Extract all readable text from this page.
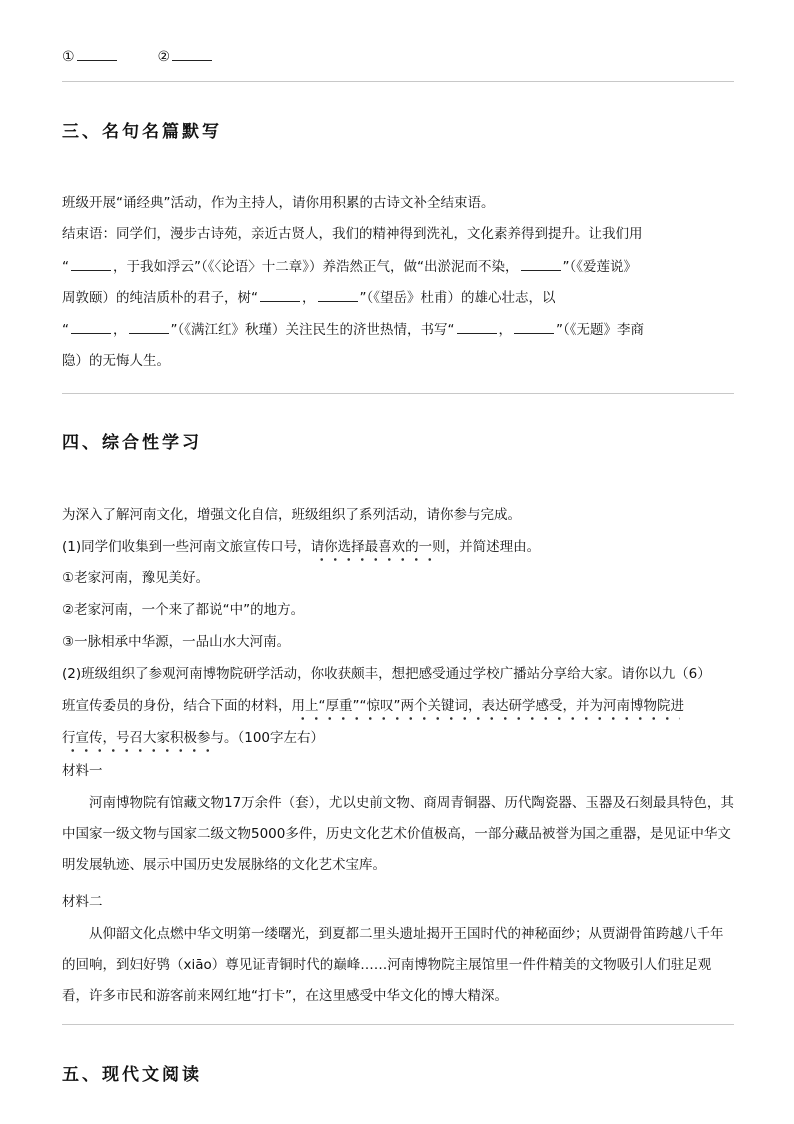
①	②
三、名句名篇默写
班级开展“诵经典”活动，作为主持人，请你用积累的古诗文补全结束语。
结束语：同学们，漫步古诗苑，亲近古贤人，我们的精神得到洗礼，文化素养得到提升。让我们用
“	，于我如浮云”（《〈论语〉十二章》）养浩然正气，做“出淤泥而不染，	”（《爱莲说》
周敦颐）的纯洁质朴的君子，树“	，	”（《望岳》杜甫）的雄心壮志，以
“	，	”（《满江红》秋瑾）关注民生的济世热情，书写“	，	”（《无题》李商
隐）的无悔人生。
四、综合性学习
为深入了解河南文化，增强文化自信，班级组织了系列活动，请你参与完成。
(1)同学们收集到一些河南文旅宣传口号，请你选择最喜欢的一则，并简述理由。
①老家河南，豫见美好。
②老家河南，一个来了都说“中”的地方。
③一脉相承中华源，一品山水大河南。
(2)班级组织了参观河南博物院研学活动，你收获颇丰，想把感受通过学校广播站分享给大家。请你以九（6）
班宣传委员的身份，结合下面的材料，用上“厚重”“惊叹”两个关键词，表达研学感受，并为河南博物院进
行宣传，号召大家积极参与。（100字左右）
材料一
河南博物院有馆藏文物17万余件（套），尤以史前文物、商周青铜器、历代陶瓷器、玉器及石刻最具特色，其中国家一级文物与国家二级文物5000多件，历史文化艺术价值极高，一部分藏品被誉为国之重器，是见证中华文明发展轨迹、展示中国历史发展脉络的文化艺术宝库。
材料二
从仰韶文化点燃中华文明第一缕曙光，到夏都二里头遗址揭开王国时代的神秘面纱；从贾湖骨笛跨越八千年的回响，到妇好鸮（xiāo）尊见证青铜时代的巅峰……河南博物院主展馆里一件件精美的文物吸引人们驻足观看，许多市民和游客前来网红地“打卡”，在这里感受中华文化的博大精深。
五、现代文阅读
